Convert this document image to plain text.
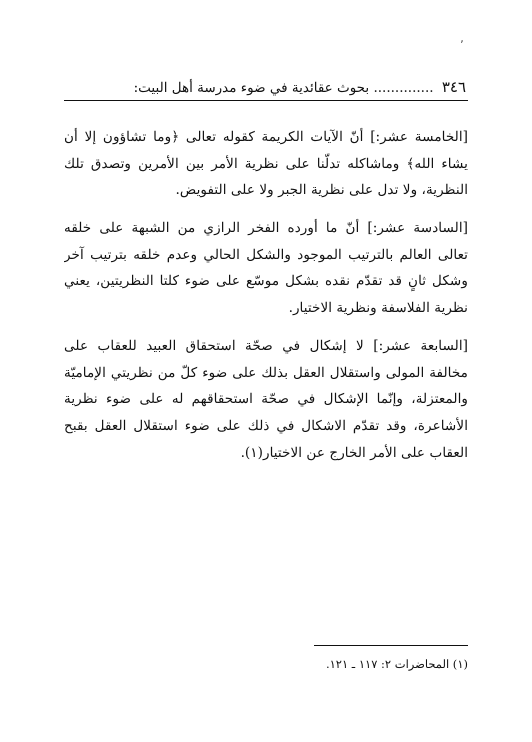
٬
٣٤٦ .............. بحوث عقائدية في ضوء مدرسة أهل البيت:
[الخامسة عشر:] أنّ الآيات الكريمة كقوله تعالى ﴿وما تشاؤون إلا أن
يشاء الله﴾ وماشاكله تدلّنا على نظرية الأمر بين الأمرين وتصدق تلك
النظرية، ولا تدل على نظرية الجبر ولا على التفويض.
[السادسة عشر:] أنّ ما أورده الفخر الرازي من الشبهة على خلقه
تعالى العالم بالترتيب الموجود والشكل الحالي وعدم خلقه بترتيب آخر
وشكل ثانٍ قد تقدّم نقده بشكل موسّع على ضوء كلتا النظريتين، يعني
نظرية الفلاسفة ونظرية الاختيار.
[السابعة عشر:] لا إشكال في صحّة استحقاق العبيد للعقاب على
مخالفة المولى واستقلال العقل بذلك على ضوء كلّ من نظريتي الإماميّة
والمعتزلة، وإنّما الإشكال في صحّة استحقاقهم له على ضوء نظرية
الأشاعرة، وقد تقدّم الاشكال في ذلك على ضوء استقلال العقل بقبح
العقاب على الأمر الخارج عن الاختيار(١).
(١) المحاضرات ٢: ١١٧ ـ ١٢١.
